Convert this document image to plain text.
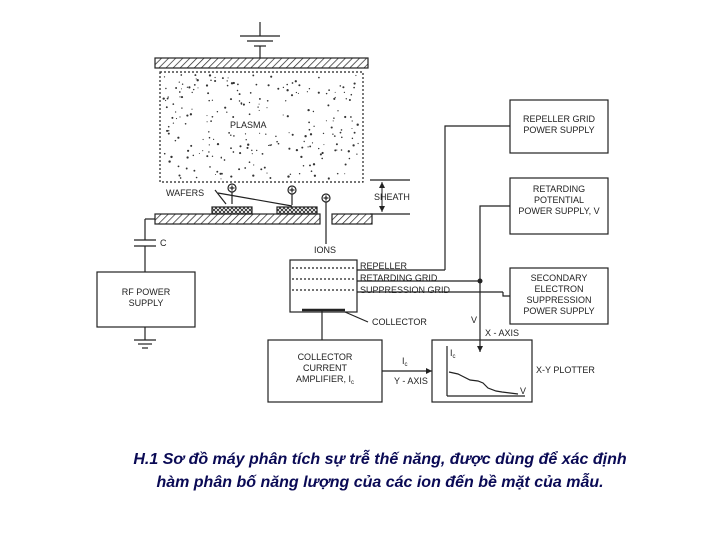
PLASMA
WAFERS	SHEATH
IONS
C
RF POWER
SUPPLY
REPELLER
RETARDING GRID
SUPPRESSION GRID
COLLECTOR
COLLECTOR
CURRENT
AMPLIFIER, $I_c$
REPELLER GRID
POWER SUPPLY
RETARDING
POTENTIAL
POWER SUPPLY, V
SECONDARY
ELECTRON
SUPPRESSION
POWER SUPPLY
V
X - AXIS
Y - AXIS
$I_c$
$I_c$
V
X-Y PLOTTER
H.1 Sơ đồ máy phân tích sự trễ thế năng, được dùng để xác định
hàm phân bố năng lượng của các ion đến bề mặt của mẫu.
